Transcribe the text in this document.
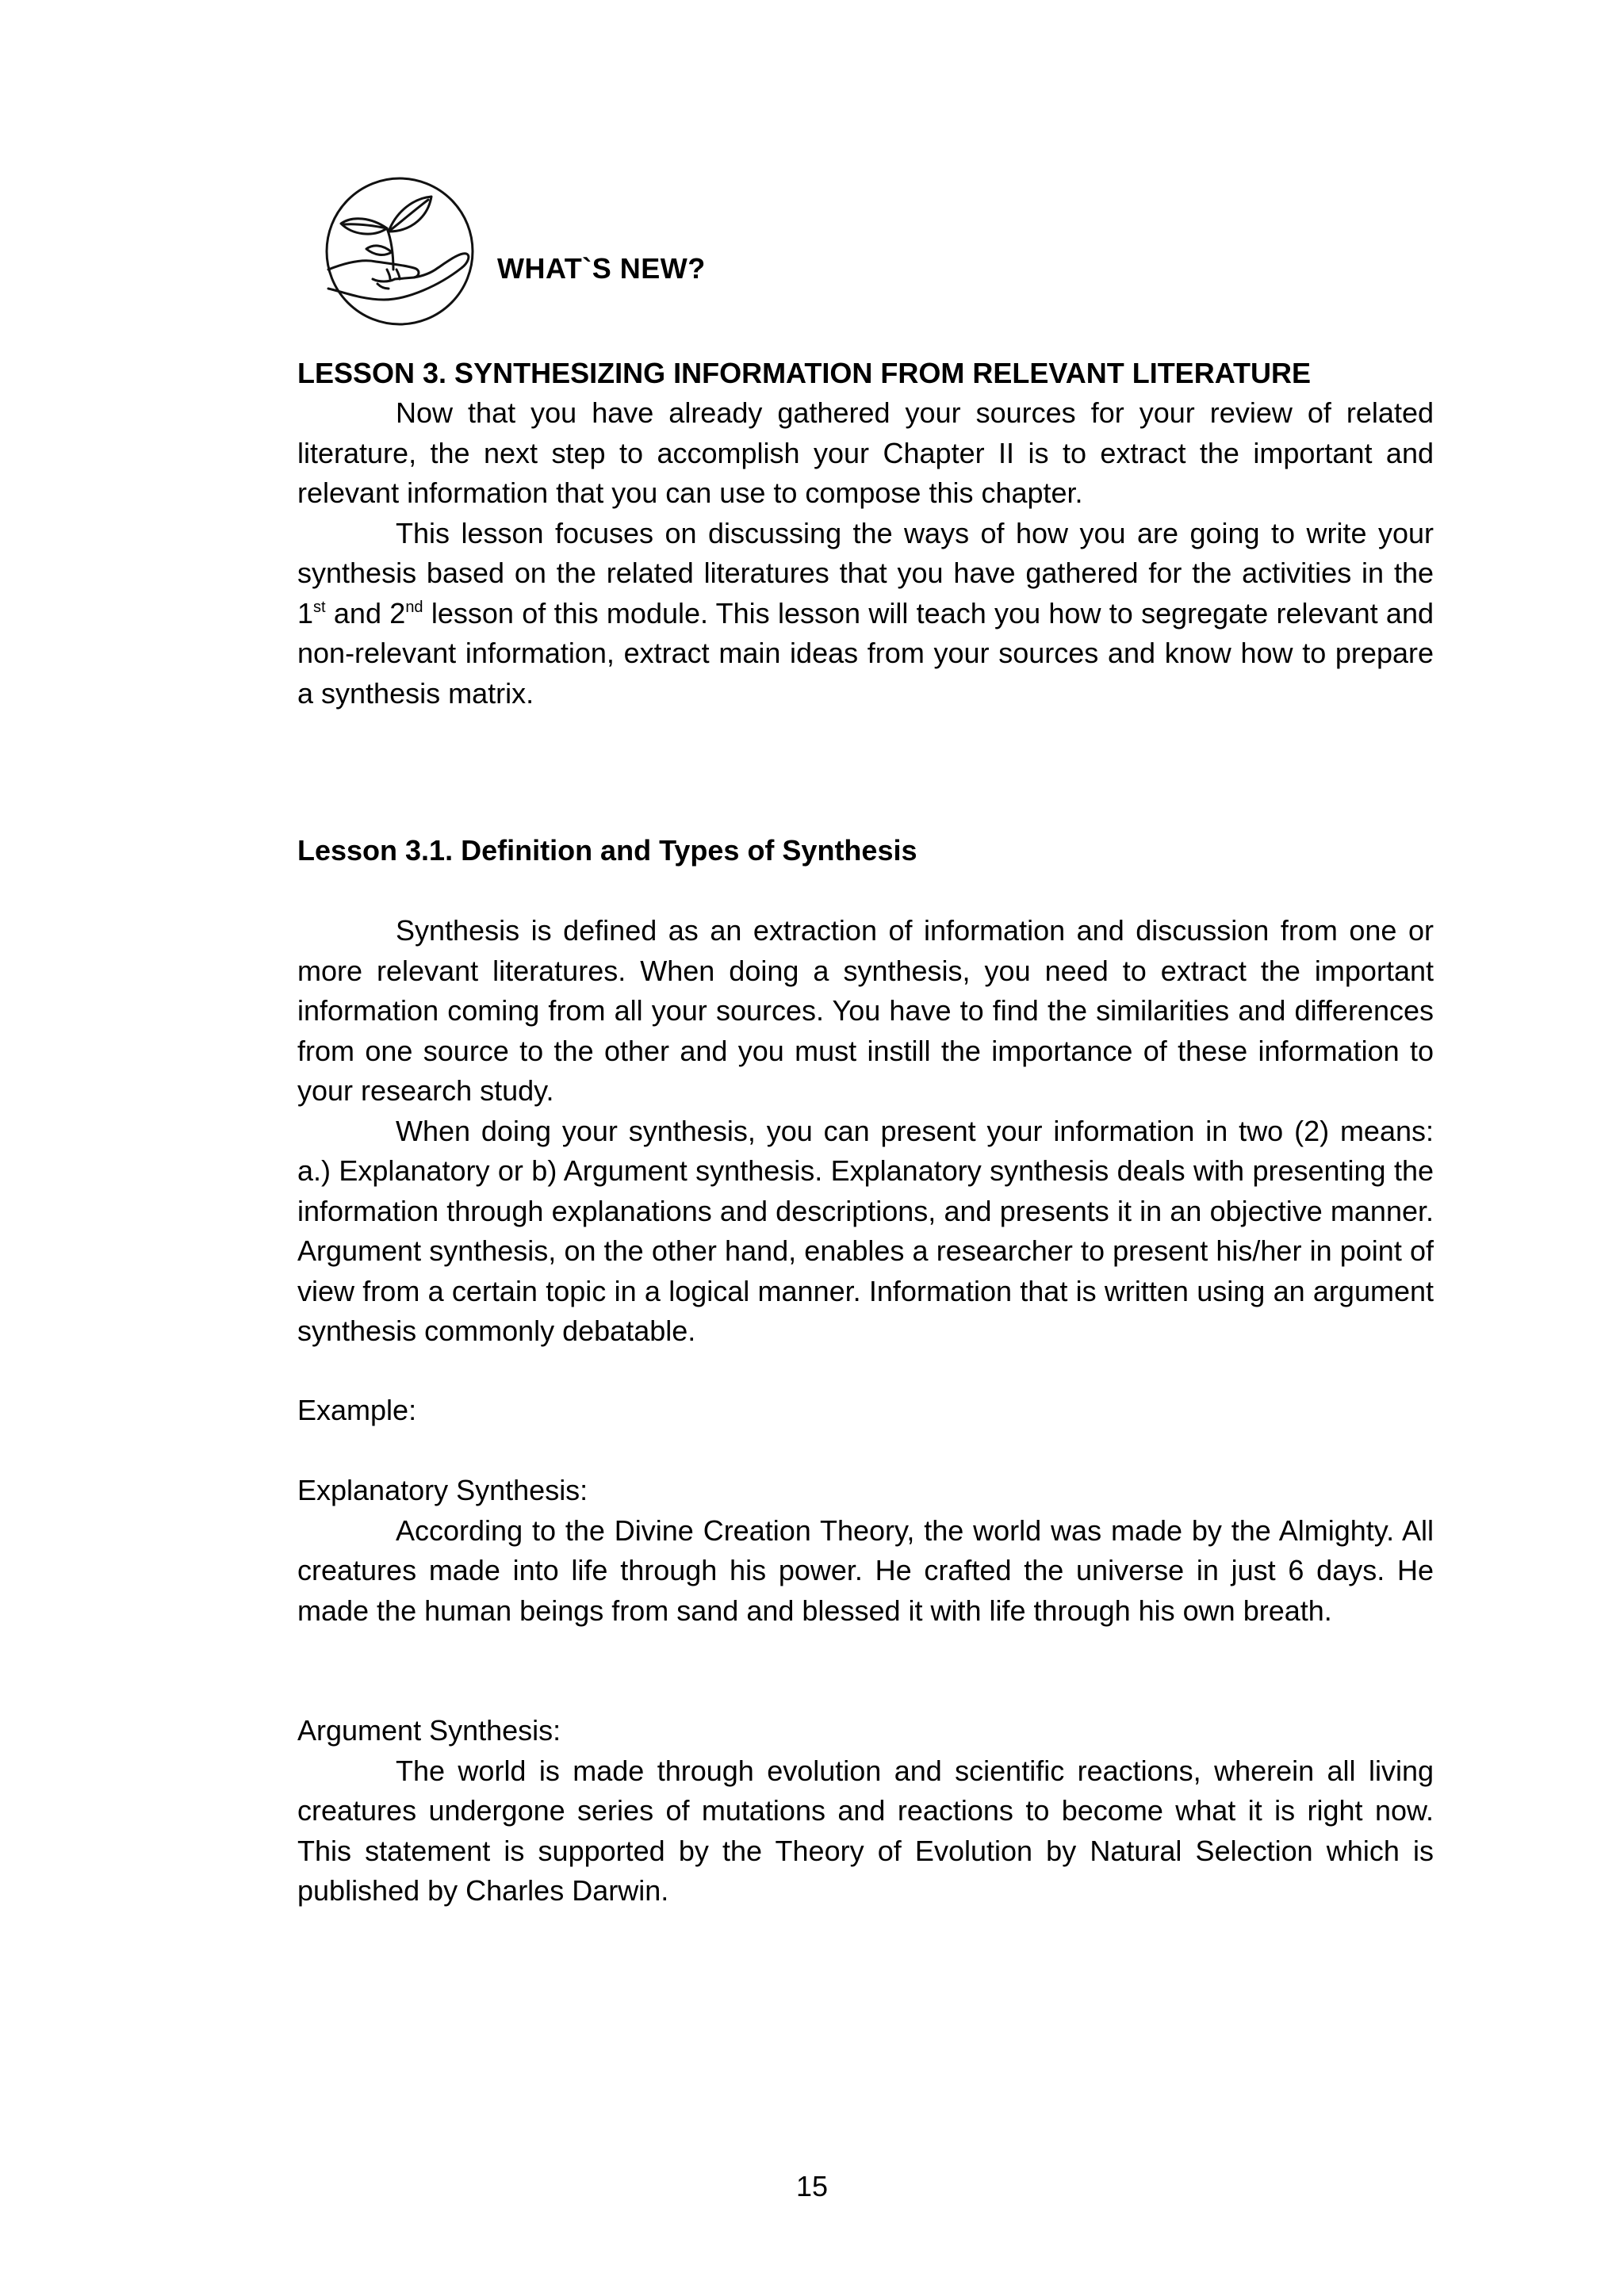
WHAT`S NEW?
LESSON 3. SYNTHESIZING INFORMATION FROM RELEVANT LITERATURE

Now that you have already gathered your sources for your review of related literature, the next step to accomplish your Chapter II is to extract the important and relevant information that you can use to compose this chapter.

This lesson focuses on discussing the ways of how you are going to write your synthesis based on the related literatures that you have gathered for the activities in the 1st and 2nd lesson of this module. This lesson will teach you how to segregate relevant and non-relevant information, extract main ideas from your sources and know how to prepare a synthesis matrix.

Lesson 3.1. Definition and Types of Synthesis

Synthesis is defined as an extraction of information and discussion from one or more relevant literatures. When doing a synthesis, you need to extract the important information coming from all your sources. You have to find the similarities and differences from one source to the other and you must instill the importance of these information to your research study.

When doing your synthesis, you can present your information in two (2) means: a.) Explanatory or b) Argument synthesis. Explanatory synthesis deals with presenting the information through explanations and descriptions, and presents it in an objective manner. Argument synthesis, on the other hand, enables a researcher to present his/her in point of view from a certain topic in a logical manner. Information that is written using an argument synthesis commonly debatable.

Example:

Explanatory Synthesis:

According to the Divine Creation Theory, the world was made by the Almighty. All creatures made into life through his power. He crafted the universe in just 6 days. He made the human beings from sand and blessed it with life through his own breath.

Argument Synthesis:

The world is made through evolution and scientific reactions, wherein all living creatures undergone series of mutations and reactions to become what it is right now. This statement is supported by the Theory of Evolution by Natural Selection which is published by Charles Darwin.

15
